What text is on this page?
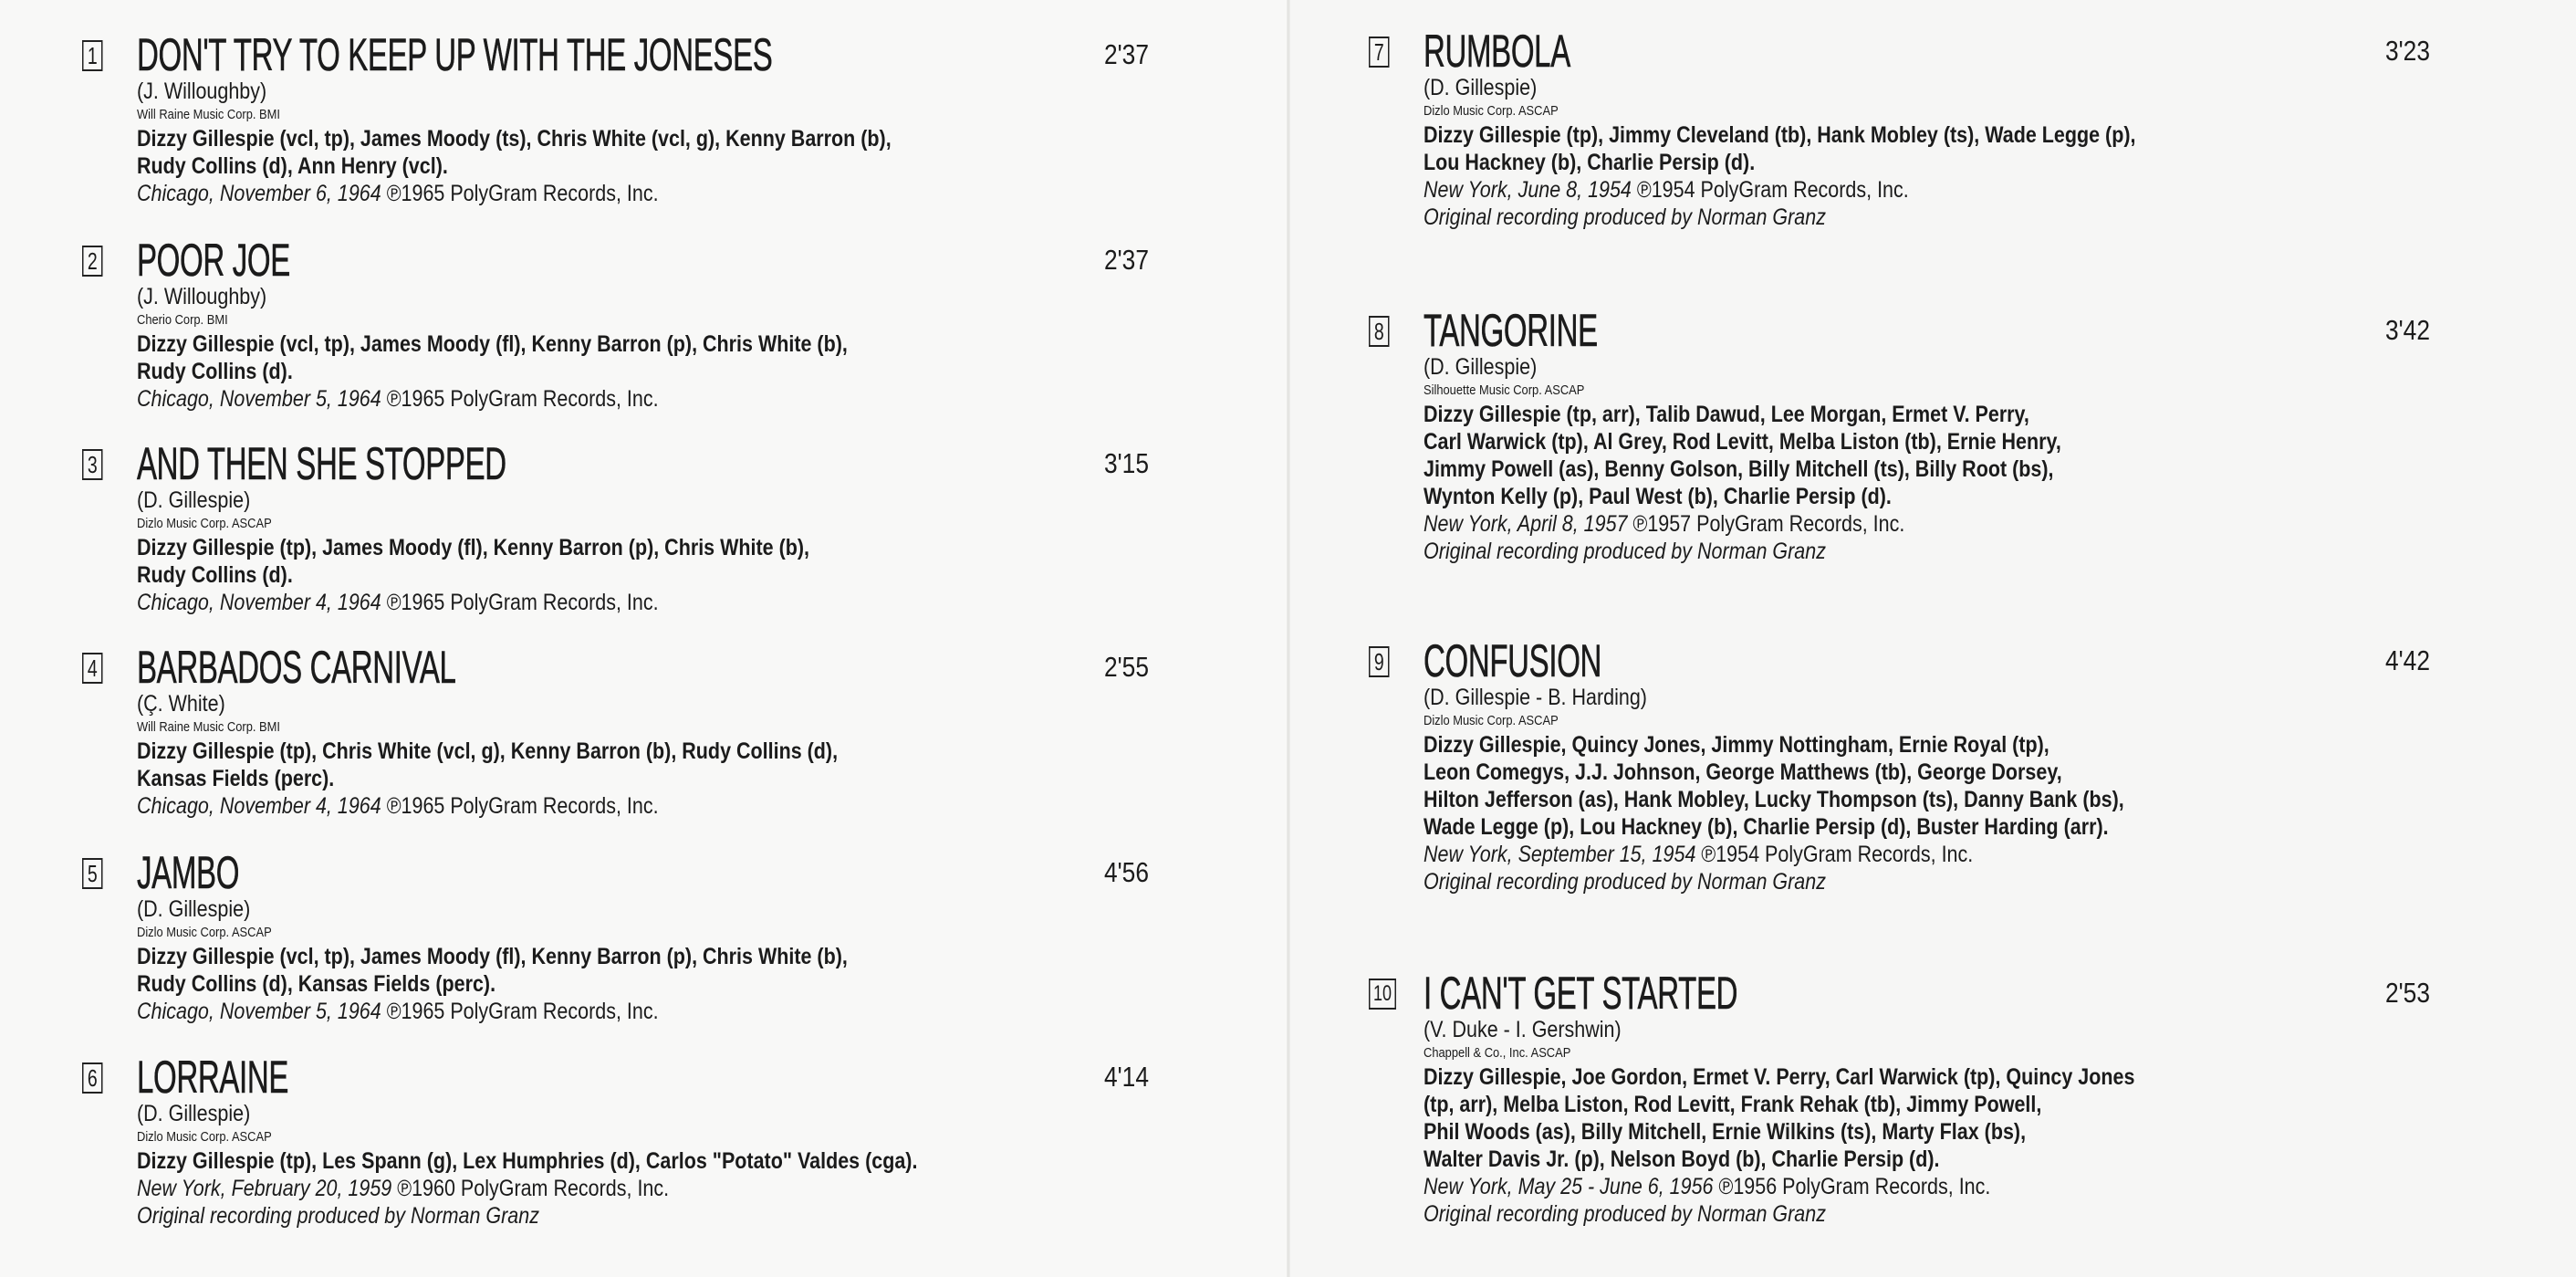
1 DON'T TRY TO KEEP UP WITH THE JONESES	2'37
(J. Willoughby)
Will Raine Music Corp. BMI
Dizzy Gillespie (vcl, tp), James Moody (ts), Chris White (vcl, g), Kenny Barron (b),
Rudy Collins (d), Ann Henry (vcl).
Chicago, November 6, 1964 ℗1965 PolyGram Records, Inc.
2 POOR JOE	2'37
(J. Willoughby)
Cherio Corp. BMI
Dizzy Gillespie (vcl, tp), James Moody (fl), Kenny Barron (p), Chris White (b),
Rudy Collins (d).
Chicago, November 5, 1964 ℗1965 PolyGram Records, Inc.
3 AND THEN SHE STOPPED	3'15
(D. Gillespie)
Dizlo Music Corp. ASCAP
Dizzy Gillespie (tp), James Moody (fl), Kenny Barron (p), Chris White (b),
Rudy Collins (d).
Chicago, November 4, 1964 ℗1965 PolyGram Records, Inc.
4 BARBADOS CARNIVAL	2'55
(Ç. White)
Will Raine Music Corp. BMI
Dizzy Gillespie (tp), Chris White (vcl, g), Kenny Barron (b), Rudy Collins (d),
Kansas Fields (perc).
Chicago, November 4, 1964 ℗1965 PolyGram Records, Inc.
5 JAMBO	4'56
(D. Gillespie)
Dizlo Music Corp. ASCAP
Dizzy Gillespie (vcl, tp), James Moody (fl), Kenny Barron (p), Chris White (b),
Rudy Collins (d), Kansas Fields (perc).
Chicago, November 5, 1964 ℗1965 PolyGram Records, Inc.
6 LORRAINE	4'14
(D. Gillespie)
Dizlo Music Corp. ASCAP
Dizzy Gillespie (tp), Les Spann (g), Lex Humphries (d), Carlos "Potato" Valdes (cga).
New York, February 20, 1959 ℗1960 PolyGram Records, Inc.
Original recording produced by Norman Granz
7 RUMBOLA	3'23
(D. Gillespie)
Dizlo Music Corp. ASCAP
Dizzy Gillespie (tp), Jimmy Cleveland (tb), Hank Mobley (ts), Wade Legge (p),
Lou Hackney (b), Charlie Persip (d).
New York, June 8, 1954 ℗1954 PolyGram Records, Inc.
Original recording produced by Norman Granz
8 TANGORINE	3'42
(D. Gillespie)
Silhouette Music Corp. ASCAP
Dizzy Gillespie (tp, arr), Talib Dawud, Lee Morgan, Ermet V. Perry,
Carl Warwick (tp), Al Grey, Rod Levitt, Melba Liston (tb), Ernie Henry,
Jimmy Powell (as), Benny Golson, Billy Mitchell (ts), Billy Root (bs),
Wynton Kelly (p), Paul West (b), Charlie Persip (d).
New York, April 8, 1957 ℗1957 PolyGram Records, Inc.
Original recording produced by Norman Granz
9 CONFUSION	4'42
(D. Gillespie - B. Harding)
Dizlo Music Corp. ASCAP
Dizzy Gillespie, Quincy Jones, Jimmy Nottingham, Ernie Royal (tp),
Leon Comegys, J.J. Johnson, George Matthews (tb), George Dorsey,
Hilton Jefferson (as), Hank Mobley, Lucky Thompson (ts), Danny Bank (bs),
Wade Legge (p), Lou Hackney (b), Charlie Persip (d), Buster Harding (arr).
New York, September 15, 1954 ℗1954 PolyGram Records, Inc.
Original recording produced by Norman Granz
10 I CAN'T GET STARTED	2'53
(V. Duke - I. Gershwin)
Chappell & Co., Inc. ASCAP
Dizzy Gillespie, Joe Gordon, Ermet V. Perry, Carl Warwick (tp), Quincy Jones
(tp, arr), Melba Liston, Rod Levitt, Frank Rehak (tb), Jimmy Powell,
Phil Woods (as), Billy Mitchell, Ernie Wilkins (ts), Marty Flax (bs),
Walter Davis Jr. (p), Nelson Boyd (b), Charlie Persip (d).
New York, May 25 - June 6, 1956 ℗1956 PolyGram Records, Inc.
Original recording produced by Norman Granz
